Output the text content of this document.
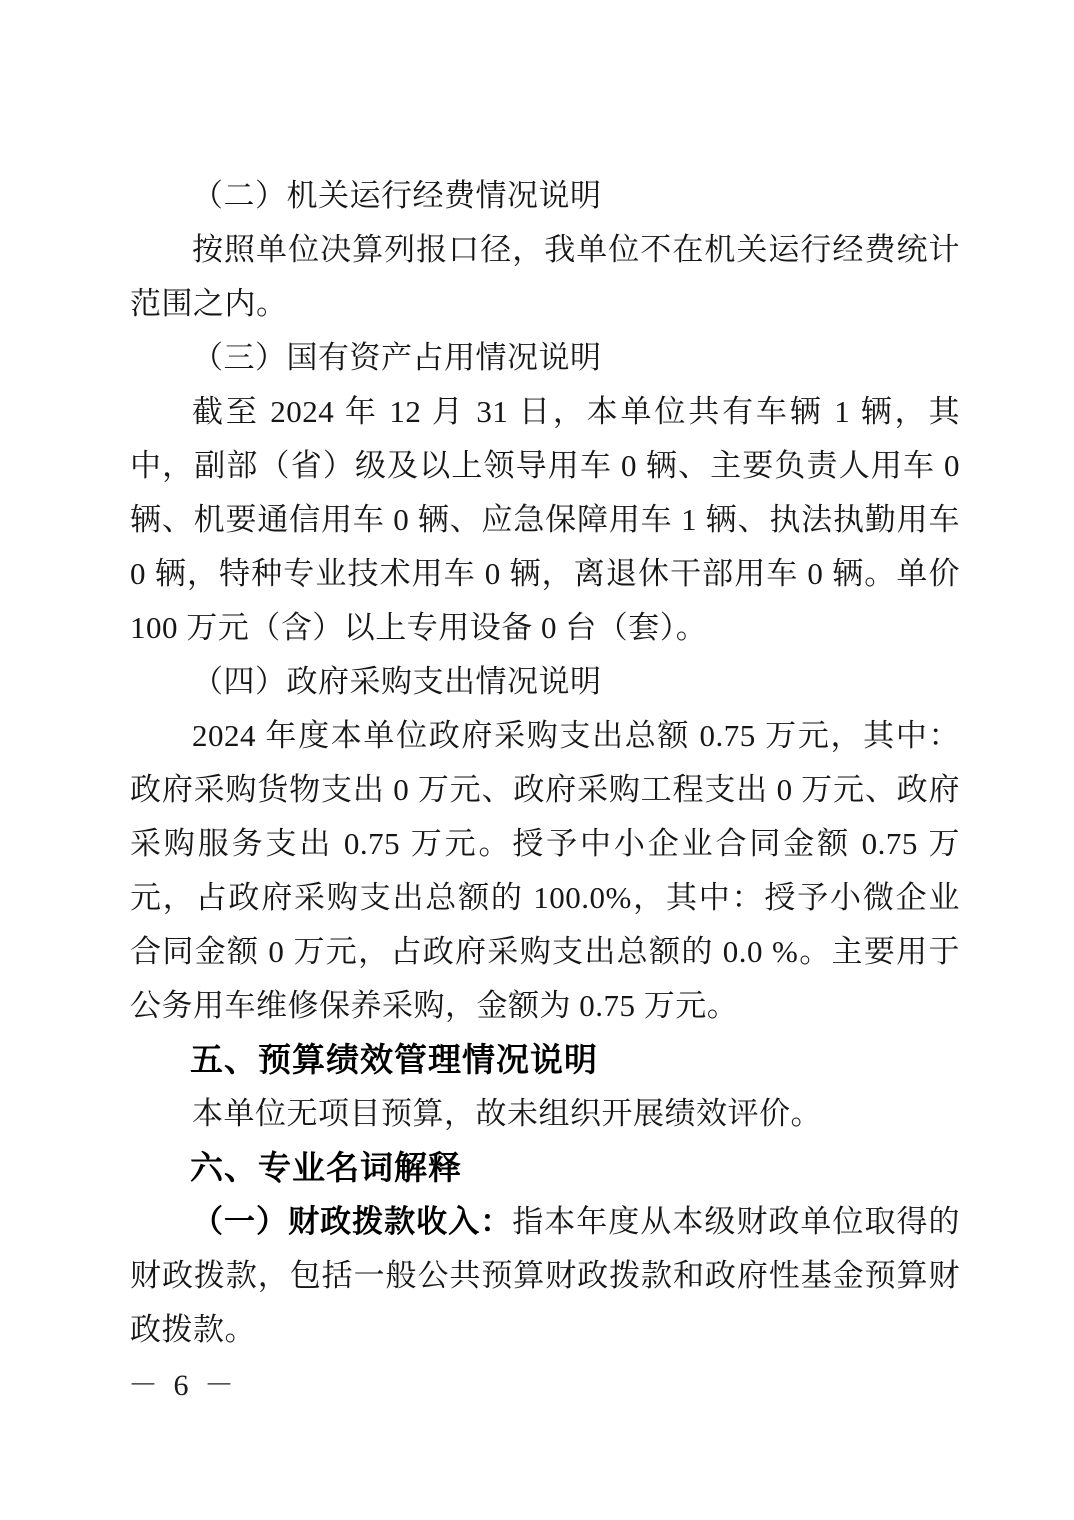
（二）机关运行经费情况说明

按照单位决算列报口径，我单位不在机关运行经费统计范围之内。

（三）国有资产占用情况说明

截至 2024 年 12 月 31 日，本单位共有车辆 1 辆，其中，副部（省）级及以上领导用车 0 辆、主要负责人用车 0 辆、机要通信用车 0 辆、应急保障用车 1 辆、执法执勤用车 0 辆，特种专业技术用车 0 辆，离退休干部用车 0 辆。单价 100 万元（含）以上专用设备 0 台（套）。

（四）政府采购支出情况说明

2024 年度本单位政府采购支出总额 0.75 万元，其中：政府采购货物支出 0 万元、政府采购工程支出 0 万元、政府采购服务支出 0.75 万元。授予中小企业合同金额 0.75 万元，占政府采购支出总额的 100.0%，其中：授予小微企业合同金额 0 万元，占政府采购支出总额的 0.0 %。主要用于公务用车维修保养采购，金额为 0.75 万元。

五、预算绩效管理情况说明

本单位无项目预算，故未组织开展绩效评价。

六、专业名词解释

（一）财政拨款收入：指本年度从本级财政单位取得的财政拨款，包括一般公共预算财政拨款和政府性基金预算财政拨款。

－ 6 －
